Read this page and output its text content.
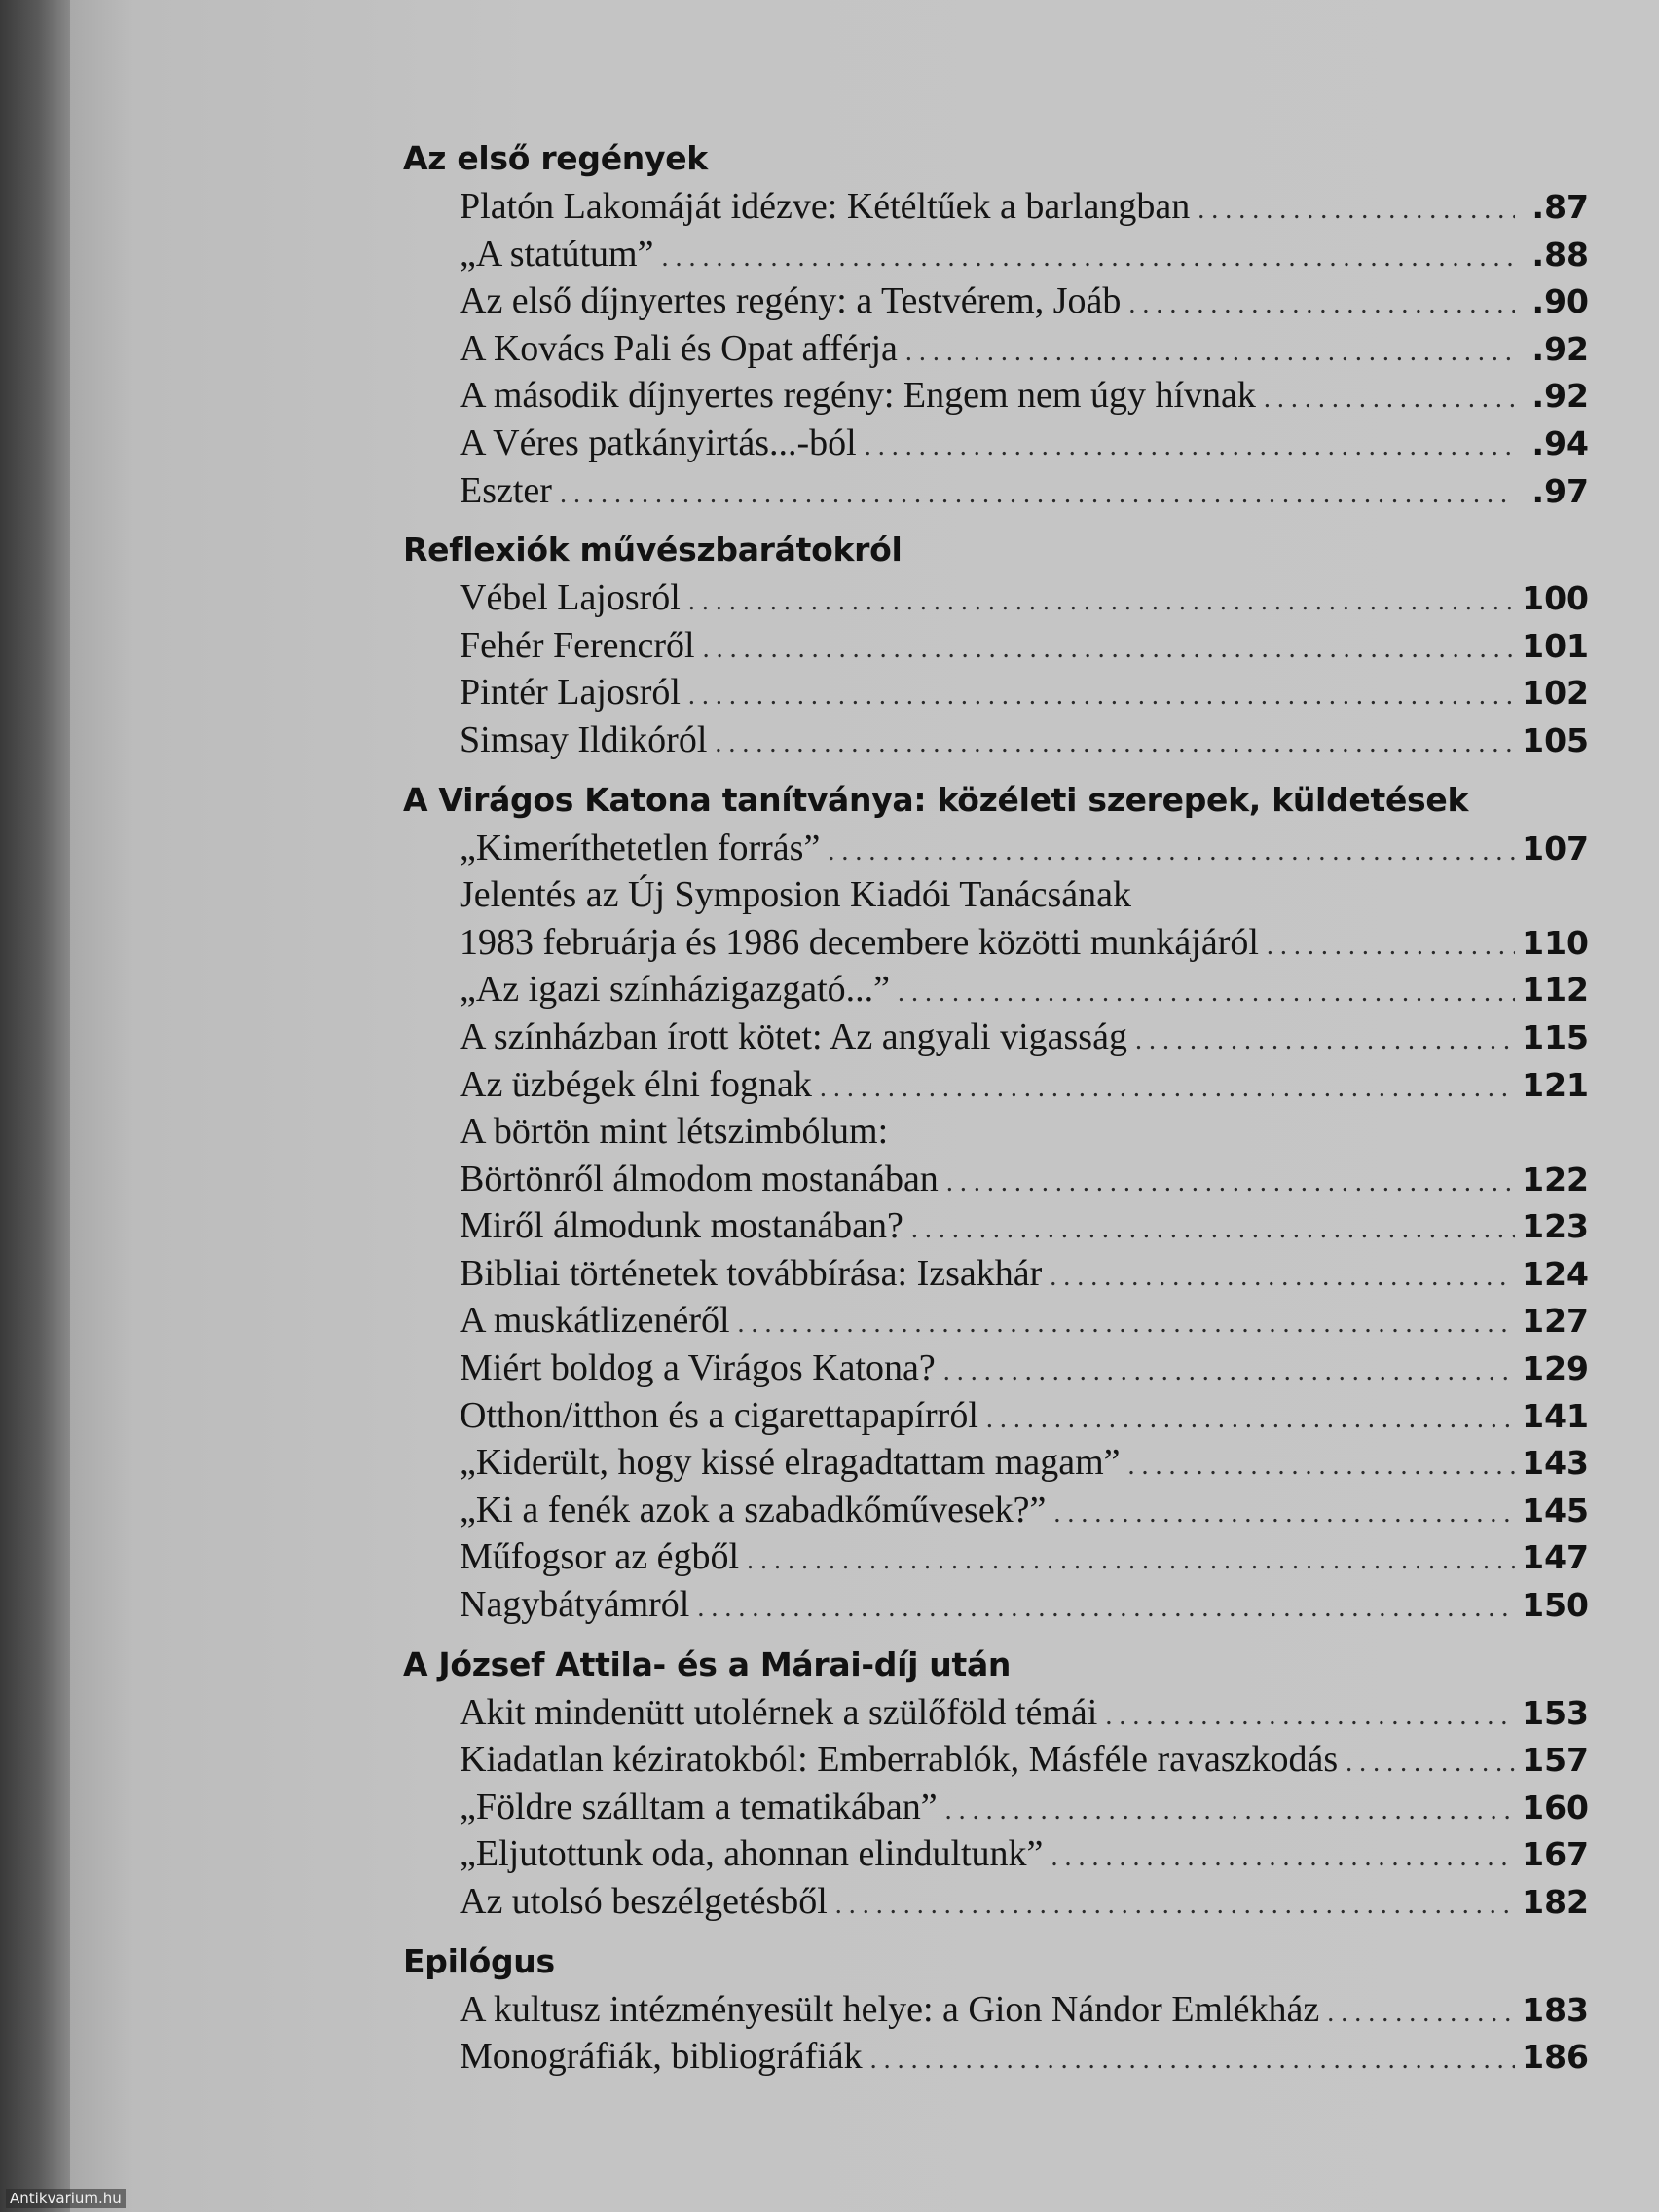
Az első regények
Platón Lakomáját idézve: Kétéltűek a barlangban . . .	.87
„A statútum” . . .	.88
Az első díjnyertes regény: a Testvérem, Joáb . . .	.90
A Kovács Pali és Opat afférja . . .	.92
A második díjnyertes regény: Engem nem úgy hívnak . . .	.92
A Véres patkányirtás...-ból . . .	.94
Eszter . . .	.97
Reflexiók művészbarátokról
Vébel Lajosról . . .	100
Fehér Ferencről . . .	101
Pintér Lajosról . . .	102
Simsay Ildikóról . . .	105
A Virágos Katona tanítványa: közéleti szerepek, küldetések
„Kimeríthetetlen forrás” . . .	107
Jelentés az Új Symposion Kiadói Tanácsának
1983 februárja és 1986 decembere közötti munkájáról . . .	110
„Az igazi színházigazgató...” . . .	112
A színházban írott kötet: Az angyali vigasság . . .	115
Az üzbégek élni fognak . . .	121
A börtön mint létszimbólum:
Börtönről álmodom mostanában . . .	122
Miről álmodunk mostanában? . . .	123
Bibliai történetek továbbírása: Izsakhár . . .	124
A muskátlizenéről . . .	127
Miért boldog a Virágos Katona? . . .	129
Otthon/itthon és a cigarettapapírról . . .	141
„Kiderült, hogy kissé elragadtattam magam” . . .	143
„Ki a fenék azok a szabadkőművesek?” . . .	145
Műfogsor az égből . . .	147
Nagybátyámról . . .	150
A József Attila- és a Márai-díj után
Akit mindenütt utolérnek a szülőföld témái . . .	153
Kiadatlan kéziratokból: Emberrablók, Másféle ravaszkodás . . .	157
„Földre szálltam a tematikában” . . .	160
„Eljutottunk oda, ahonnan elindultunk” . . .	167
Az utolsó beszélgetésből . . .	182
Epilógus
A kultusz intézményesült helye: a Gion Nándor Emlékház . . .	183
Monográfiák, bibliográfiák . . .	186
Antikvarium.hu
